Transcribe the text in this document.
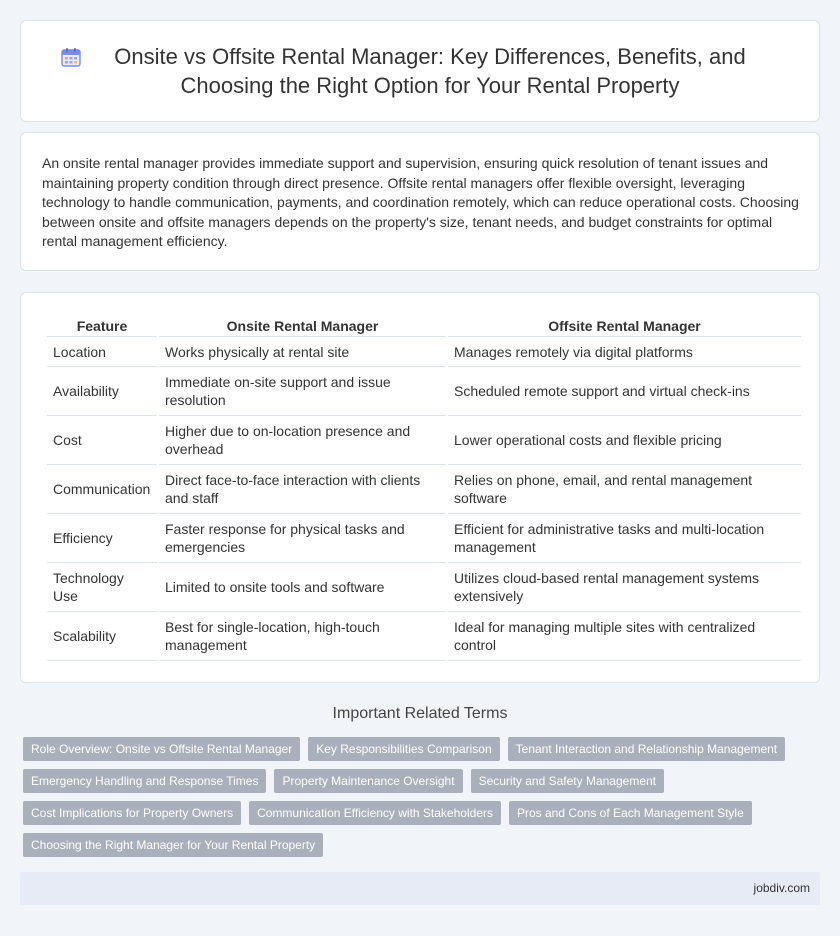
Onsite vs Offsite Rental Manager: Key Differences, Benefits, and Choosing the Right Option for Your Rental Property

An onsite rental manager provides immediate support and supervision, ensuring quick resolution of tenant issues and maintaining property condition through direct presence. Offsite rental managers offer flexible oversight, leveraging technology to handle communication, payments, and coordination remotely, which can reduce operational costs. Choosing between onsite and offsite managers depends on the property's size, tenant needs, and budget constraints for optimal rental management efficiency.

Feature	Onsite Rental Manager	Offsite Rental Manager
Location	Works physically at rental site	Manages remotely via digital platforms
Availability	Immediate on-site support and issue resolution	Scheduled remote support and virtual check-ins
Cost	Higher due to on-location presence and overhead	Lower operational costs and flexible pricing
Communication	Direct face-to-face interaction with clients and staff	Relies on phone, email, and rental management software
Efficiency	Faster response for physical tasks and emergencies	Efficient for administrative tasks and multi-location management
Technology Use	Limited to onsite tools and software	Utilizes cloud-based rental management systems extensively
Scalability	Best for single-location, high-touch management	Ideal for managing multiple sites with centralized control
Important Related Terms
Role Overview: Onsite vs Offsite Rental Manager	Key Responsibilities Comparison	Tenant Interaction and Relationship Management
Emergency Handling and Response Times	Property Maintenance Oversight	Security and Safety Management
Cost Implications for Property Owners	Communication Efficiency with Stakeholders	Pros and Cons of Each Management Style
Choosing the Right Manager for Your Rental Property
jobdiv.com
